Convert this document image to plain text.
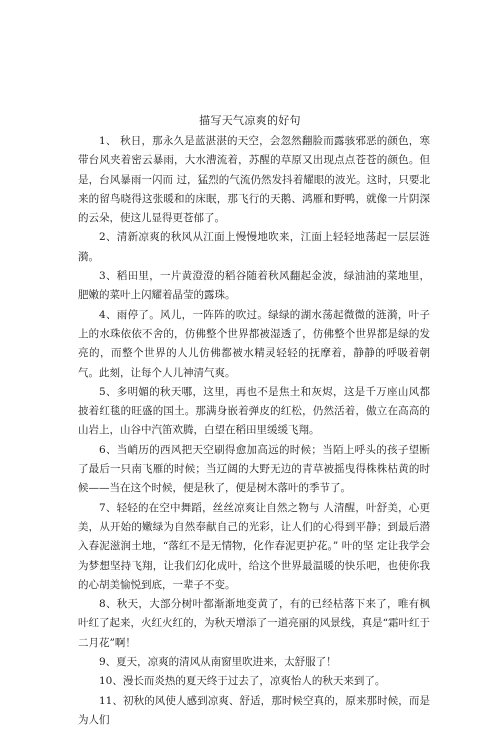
描写天气凉爽的好句

1、 秋日，那永久是蓝湛湛的天空，会忽然翻脸而露骇邪恶的颜色，寒带台风夹着密云暴雨，大水漕流着，苏醒的草原又出现点点苍苍的颜色。但是，台风暴雨一闪而 过，猛烈的气流仍然发抖着耀眼的波光。这时，只要北来的留鸟晓得这张暖和的床眠，那飞行的天鹅、鸿雁和野鸭，就像一片阴深的云朵，使这儿显得更苍郁了。

2、清新凉爽的秋风从江面上慢慢地吹来，江面上轻轻地荡起一层层涟漪。

3、稻田里，一片黄澄澄的稻谷随着秋风翻起金波，绿油油的菜地里，肥嫩的菜叶上闪耀着晶莹的露珠。

4、雨停了。风儿，一阵阵的吹过。绿绿的湖水荡起微微的涟漪，叶子上的水珠依依不舍的，仿佛整个世界都被湿透了，仿佛整个世界都是绿的发亮的，而整个世界的人儿仿佛都被水精灵轻轻的抚摩着，静静的呼吸着朝气。此刻，让每个人儿神清气爽。

5、多明媚的秋天哪，这里，再也不是焦土和灰烬，这是千万座山风都披着红毯的旺盛的国土。那满身嵌着弹皮的红松，仍然活着，傲立在高高的山岩上，山谷中汽笛欢腾，白望在稻田里缓缓飞翔。

6、当峭历的西风把天空刷得愈加高远的时候；当陌上呼头的孩子望断了最后一只南飞雁的时候；当辽阔的大野无边的青草被摇曳得株株枯黄的时候——当在这个时候，便是秋了，便是树木落叶的季节了。

7、轻轻的在空中舞蹈，丝丝凉爽让自然之物与 人清醒，叶舒美，心更美，从开始的嫩绿为自然奉献自己的光彩，让人们的心得到平静；到最后潜入春泥滋润土地，“落红不是无情物，化作春泥更护花。” 叶的坚 定让我学会为梦想坚持飞翔，让我们幻化成叶，给这个世界最温暖的快乐吧，也使你我的心胡美愉悦到底，一辈子不变。

8、秋天，大部分树叶都渐渐地变黄了，有的已经枯落下来了，唯有枫叶红了起来，火红火红的，为秋天增添了一道亮丽的风景线，真是“霜叶红于二月花”啊！

9、夏天，凉爽的清风从南窗里吹进来，太舒服了！

10、漫长而炎热的夏天终于过去了，凉爽怡人的秋天来到了。

11、初秋的风使人感到凉爽、舒适，那时候空真的，原来那时候，而是为人们
